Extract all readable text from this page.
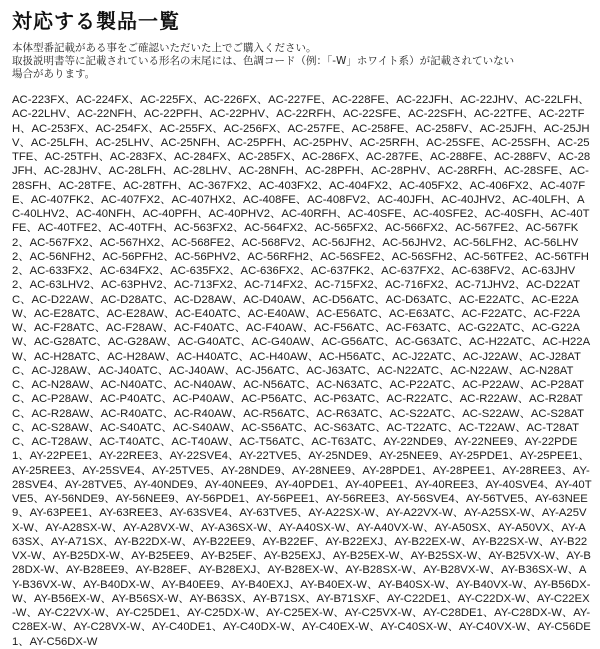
対応する製品一覧
本体型番記載がある事をご確認いただいた上でご購入ください。
取扱説明書等に記載されている形名の末尾には、色調コード（例：「-W」ホワイト系）が記載されていない
場合があります。
AC-223FX、AC-224FX、AC-225FX、AC-226FX、AC-227FE、AC-228FE、AC-22JFH、AC-22JHV、AC-22LFH、AC-22LHV、AC-22NFH、AC-22PFH、AC-22PHV、AC-22RFH、AC-22SFE、AC-22SFH、AC-22TFE、AC-22TFH、AC-253FX、AC-254FX、AC-255FX、AC-256FX、AC-257FE、AC-258FE、AC-258FV、AC-25JFH、AC-25JHV、AC-25LFH、AC-25LHV、AC-25NFH、AC-25PFH、AC-25PHV、AC-25RFH、AC-25SFE、AC-25SFH、AC-25TFE、AC-25TFH、AC-283FX、AC-284FX、AC-285FX、AC-286FX、AC-287FE、AC-288FE、AC-288FV、AC-28JFH、AC-28JHV、AC-28LFH、AC-28LHV、AC-28NFH、AC-28PFH、AC-28PHV、AC-28RFH、AC-28SFE、AC-28SFH、AC-28TFE、AC-28TFH、AC-367FX2、AC-403FX2、AC-404FX2、AC-405FX2、AC-406FX2、AC-407FE、AC-407FK2、AC-407FX2、AC-407HX2、AC-408FE、AC-408FV2、AC-40JFH、AC-40JHV2、AC-40LFH、AC-40LHV2、AC-40NFH、AC-40PFH、AC-40PHV2、AC-40RFH、AC-40SFE、AC-40SFE2、AC-40SFH、AC-40TFE、AC-40TFE2、AC-40TFH、AC-563FX2、AC-564FX2、AC-565FX2、AC-566FX2、AC-567FE2、AC-567FK2、AC-567FX2、AC-567HX2、AC-568FE2、AC-568FV2、AC-56JFH2、AC-56JHV2、AC-56LFH2、AC-56LHV2、AC-56NFH2、AC-56PFH2、AC-56PHV2、AC-56RFH2、AC-56SFE2、AC-56SFH2、AC-56TFE2、AC-56TFH2、AC-633FX2、AC-634FX2、AC-635FX2、AC-636FX2、AC-637FK2、AC-637FX2、AC-638FV2、AC-63JHV2、AC-63LHV2、AC-63PHV2、AC-713FX2、AC-714FX2、AC-715FX2、AC-716FX2、AC-71JHV2、AC-D22ATC、AC-D22AW、AC-D28ATC、AC-D28AW、AC-D40AW、AC-D56ATC、AC-D63ATC、AC-E22ATC、AC-E22AW、AC-E28ATC、AC-E28AW、AC-E40ATC、AC-E40AW、AC-E56ATC、AC-E63ATC、AC-F22ATC、AC-F22AW、AC-F28ATC、AC-F28AW、AC-F40ATC、AC-F40AW、AC-F56ATC、AC-F63ATC、AC-G22ATC、AC-G22AW、AC-G28ATC、AC-G28AW、AC-G40ATC、AC-G40AW、AC-G56ATC、AC-G63ATC、AC-H22ATC、AC-H22AW、AC-H28ATC、AC-H28AW、AC-H40ATC、AC-H40AW、AC-H56ATC、AC-J22ATC、AC-J22AW、AC-J28ATC、AC-J28AW、AC-J40ATC、AC-J40AW、AC-J56ATC、AC-J63ATC、AC-N22ATC、AC-N22AW、AC-N28ATC、AC-N28AW、AC-N40ATC、AC-N40AW、AC-N56ATC、AC-N63ATC、AC-P22ATC、AC-P22AW、AC-P28ATC、AC-P28AW、AC-P40ATC、AC-P40AW、AC-P56ATC、AC-P63ATC、AC-R22ATC、AC-R22AW、AC-R28ATC、AC-R28AW、AC-R40ATC、AC-R40AW、AC-R56ATC、AC-R63ATC、AC-S22ATC、AC-S22AW、AC-S28ATC、AC-S28AW、AC-S40ATC、AC-S40AW、AC-S56ATC、AC-S63ATC、AC-T22ATC、AC-T22AW、AC-T28ATC、AC-T28AW、AC-T40ATC、AC-T40AW、AC-T56ATC、AC-T63ATC、AY-22NDE9、AY-22NEE9、AY-22PDE1、AY-22PEE1、AY-22REE3、AY-22SVE4、AY-22TVE5、AY-25NDE9、AY-25NEE9、AY-25PDE1、AY-25PEE1、AY-25REE3、AY-25SVE4、AY-25TVE5、AY-28NDE9、AY-28NEE9、AY-28PDE1、AY-28PEE1、AY-28REE3、AY-28SVE4、AY-28TVE5、AY-40NDE9、AY-40NEE9、AY-40PDE1、AY-40PEE1、AY-40REE3、AY-40SVE4、AY-40TVE5、AY-56NDE9、AY-56NEE9、AY-56PDE1、AY-56PEE1、AY-56REE3、AY-56SVE4、AY-56TVE5、AY-63NEE9、AY-63PEE1、AY-63REE3、AY-63SVE4、AY-63TVE5、AY-A22SX-W、AY-A22VX-W、AY-A25SX-W、AY-A25VX-W、AY-A28SX-W、AY-A28VX-W、AY-A36SX-W、AY-A40SX-W、AY-A40VX-W、AY-A50SX、AY-A50VX、AY-A63SX、AY-A71SX、AY-B22DX-W、AY-B22EE9、AY-B22EF、AY-B22EXJ、AY-B22EX-W、AY-B22SX-W、AY-B22VX-W、AY-B25DX-W、AY-B25EE9、AY-B25EF、AY-B25EXJ、AY-B25EX-W、AY-B25SX-W、AY-B25VX-W、AY-B28DX-W、AY-B28EE9、AY-B28EF、AY-B28EXJ、AY-B28EX-W、AY-B28SX-W、AY-B28VX-W、AY-B36SX-W、AY-B36VX-W、AY-B40DX-W、AY-B40EE9、AY-B40EXJ、AY-B40EX-W、AY-B40SX-W、AY-B40VX-W、AY-B56DX-W、AY-B56EX-W、AY-B56SX-W、AY-B63SX、AY-B71SX、AY-B71SXF、AY-C22DE1、AY-C22DX-W、AY-C22EX-W、AY-C22VX-W、AY-C25DE1、AY-C25DX-W、AY-C25EX-W、AY-C25VX-W、AY-C28DE1、AY-C28DX-W、AY-C28EX-W、AY-C28VX-W、AY-C40DE1、AY-C40DX-W、AY-C40EX-W、AY-C40SX-W、AY-C40VX-W、AY-C56DE1、AY-C56DX-W
